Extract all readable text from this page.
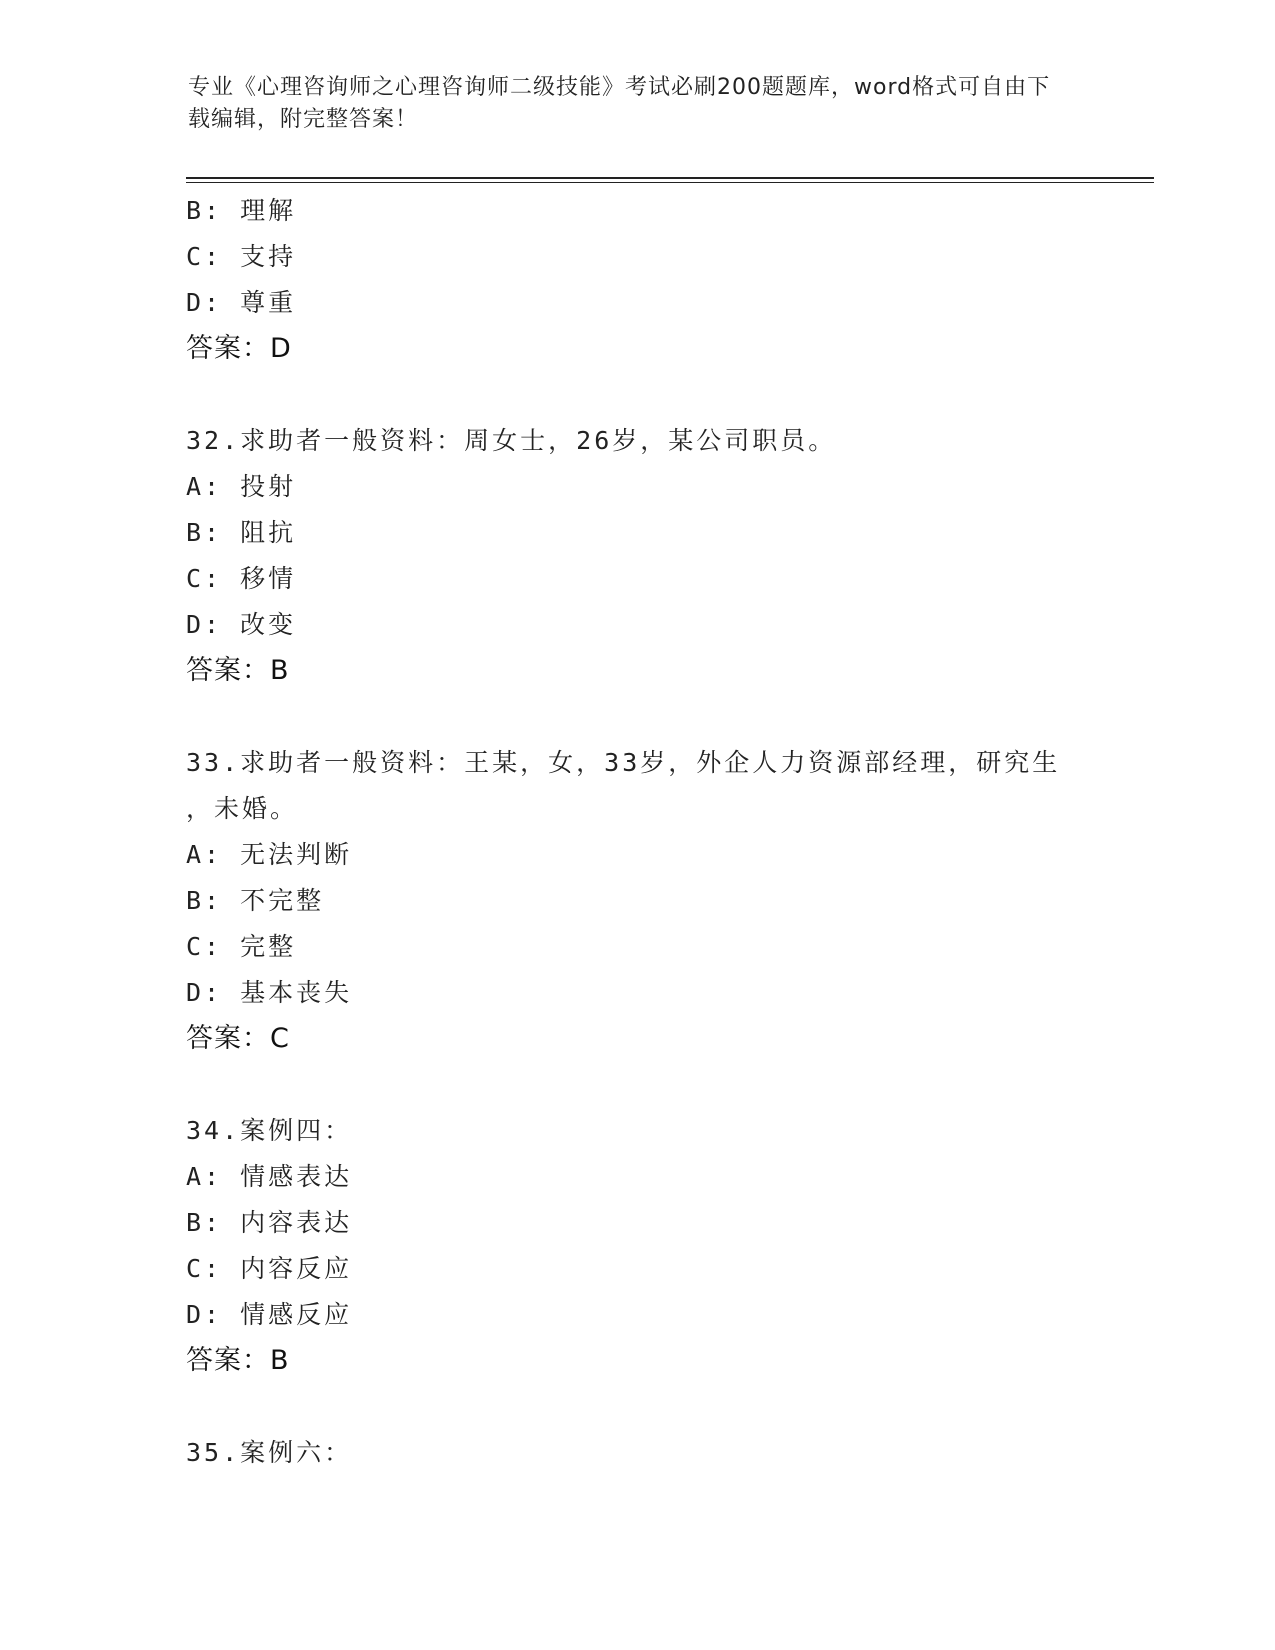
专业《心理咨询师之心理咨询师二级技能》考试必刷200题题库，word格式可自由下载编辑，附完整答案！
B: 理解
C: 支持
D: 尊重
答案：D
32.求助者一般资料：周女士，26岁，某公司职员。
A: 投射
B: 阻抗
C: 移情
D: 改变
答案：B
33.求助者一般资料：王某，女，33岁，外企人力资源部经理，研究生
，未婚。
A: 无法判断
B: 不完整
C: 完整
D: 基本丧失
答案：C
34.案例四：
A: 情感表达
B: 内容表达
C: 内容反应
D: 情感反应
答案：B
35.案例六：
